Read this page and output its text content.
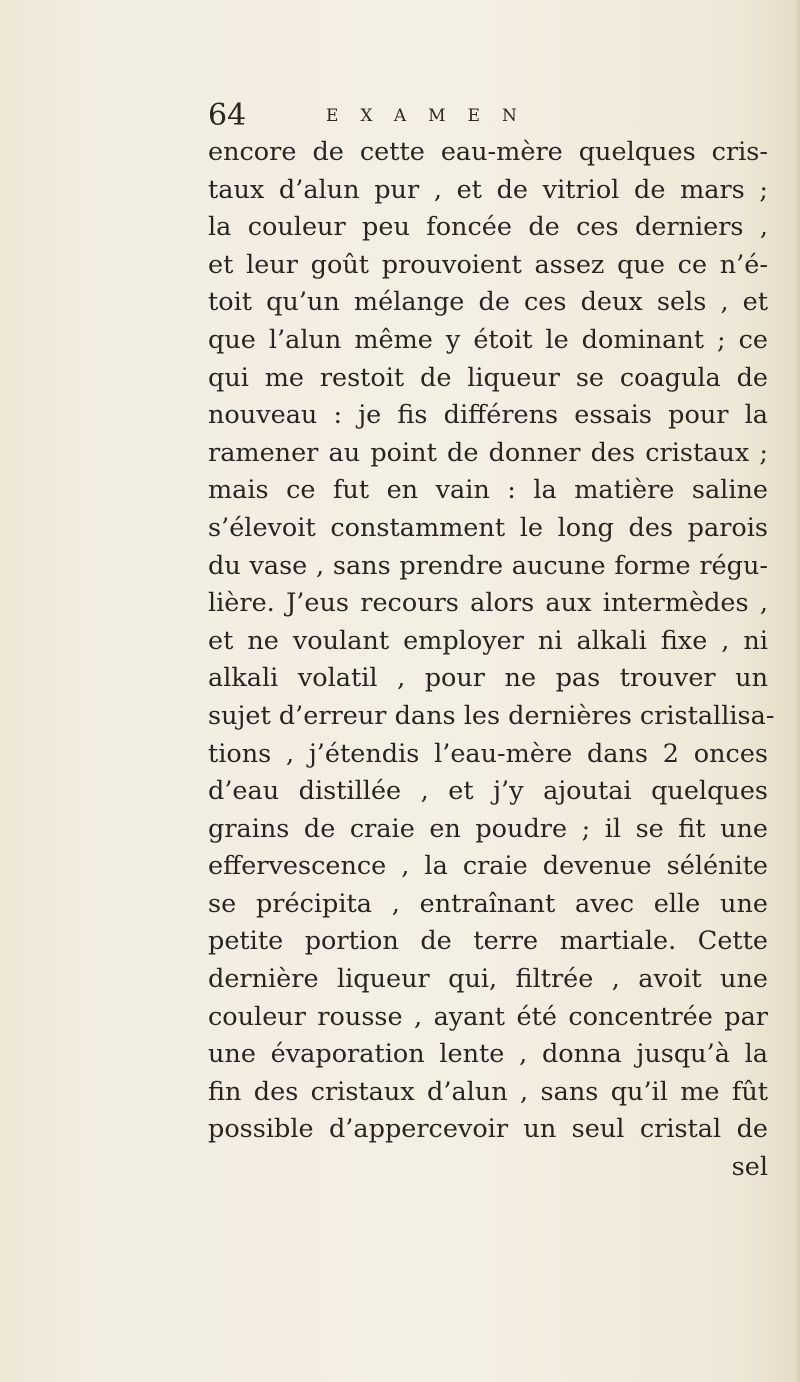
64	EXAMEN
encore de cette eau-mère quelques cris-
taux d’alun pur , et de vitriol de mars ;
la couleur peu foncée de ces derniers ,
et leur goût prouvoient assez que ce n’é-
toit qu’un mélange de ces deux sels , et
que l’alun même y étoit le dominant ; ce
qui me restoit de liqueur se coagula de
nouveau : je fis différens essais pour la
ramener au point de donner des cristaux ;
mais ce fut en vain : la matière saline
s’élevoit constamment le long des parois
du vase , sans prendre aucune forme régu-
lière. J’eus recours alors aux intermèdes ,
et ne voulant employer ni alkali fixe , ni
alkali volatil , pour ne pas trouver un
sujet d’erreur dans les dernières cristallisa-
tions , j’étendis l’eau-mère dans 2 onces
d’eau distillée , et j’y ajoutai quelques
grains de craie en poudre ; il se fit une
effervescence , la craie devenue sélénite
se précipita , entraînant avec elle une
petite portion de terre martiale. Cette
dernière liqueur qui, filtrée , avoit une
couleur rousse , ayant été concentrée par
une évaporation lente , donna jusqu’à la
fin des cristaux d’alun , sans qu’il me fût
possible d’appercevoir un seul cristal de
sel
